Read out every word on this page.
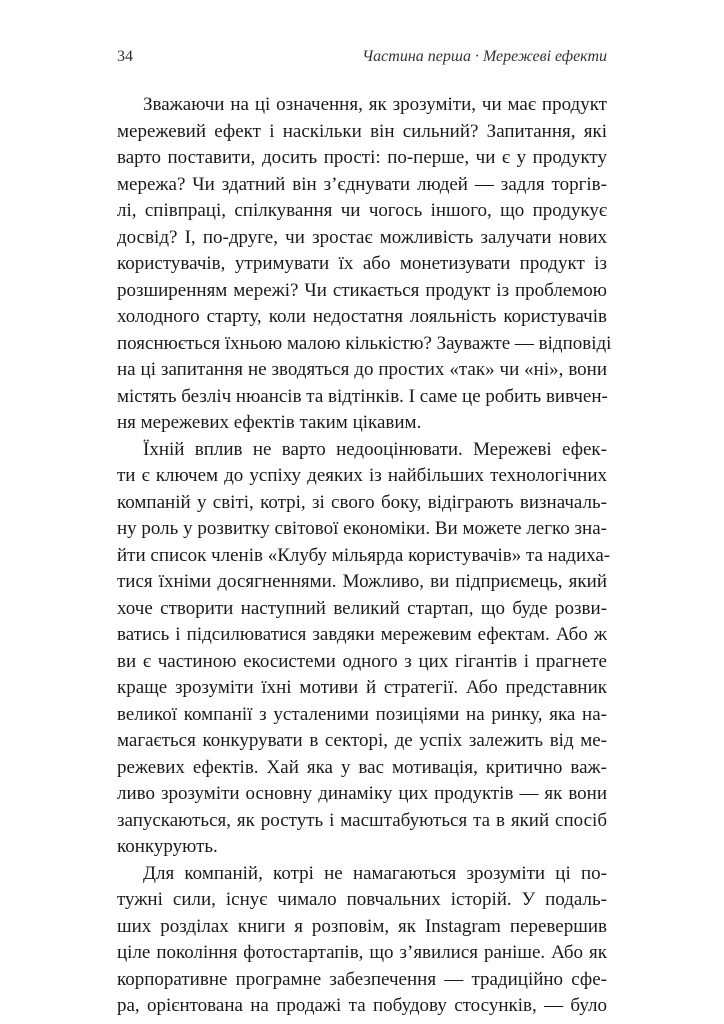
34	Частина перша · Мережеві ефекти
Зважаючи на ці означення, як зрозуміти, чи має продукт
мережевий ефект і наскільки він сильний? Запитання, які
варто поставити, досить прості: по-перше, чи є у продукту
мережа? Чи здатний він з’єднувати людей — задля торгів-
лі, співпраці, спілкування чи чогось іншого, що продукує
досвід? І, по-друге, чи зростає можливість залучати нових
користувачів, утримувати їх або монетизувати продукт із
розширенням мережі? Чи стикається продукт із проблемою
холодного старту, коли недостатня лояльність користувачів
пояснюється їхньою малою кількістю? Зауважте — відповіді
на ці запитання не зводяться до простих «так» чи «ні», вони
містять безліч нюансів та відтінків. І саме це робить вивчен-
ня мережевих ефектів таким цікавим.
Їхній вплив не варто недооцінювати. Мережеві ефек-
ти є ключем до успіху деяких із найбільших технологічних
компаній у світі, котрі, зі свого боку, відіграють визначаль-
ну роль у розвитку світової економіки. Ви можете легко зна-
йти список членів «Клубу мільярда користувачів» та надиха-
тися їхніми досягненнями. Можливо, ви підприємець, який
хоче створити наступний великий стартап, що буде розви-
ватись і підсилюватися завдяки мережевим ефектам. Або ж
ви є частиною екосистеми одного з цих гігантів і прагнете
краще зрозуміти їхні мотиви й стратегії. Або представник
великої компанії з усталеними позиціями на ринку, яка на-
магається конкурувати в секторі, де успіх залежить від ме-
режевих ефектів. Хай яка у вас мотивація, критично важ-
ливо зрозуміти основну динаміку цих продуктів — як вони
запускаються, як ростуть і масштабуються та в який спосіб
конкурують.
Для компаній, котрі не намагаються зрозуміти ці по-
тужні сили, існує чимало повчальних історій. У подаль-
ших розділах книги я розповім, як Instagram перевершив
ціле покоління фотостартапів, що з’явилися раніше. Або як
корпоративне програмне забезпечення — традиційно сфе-
ра, орієнтована на продажі та побудову стосунків, — було
